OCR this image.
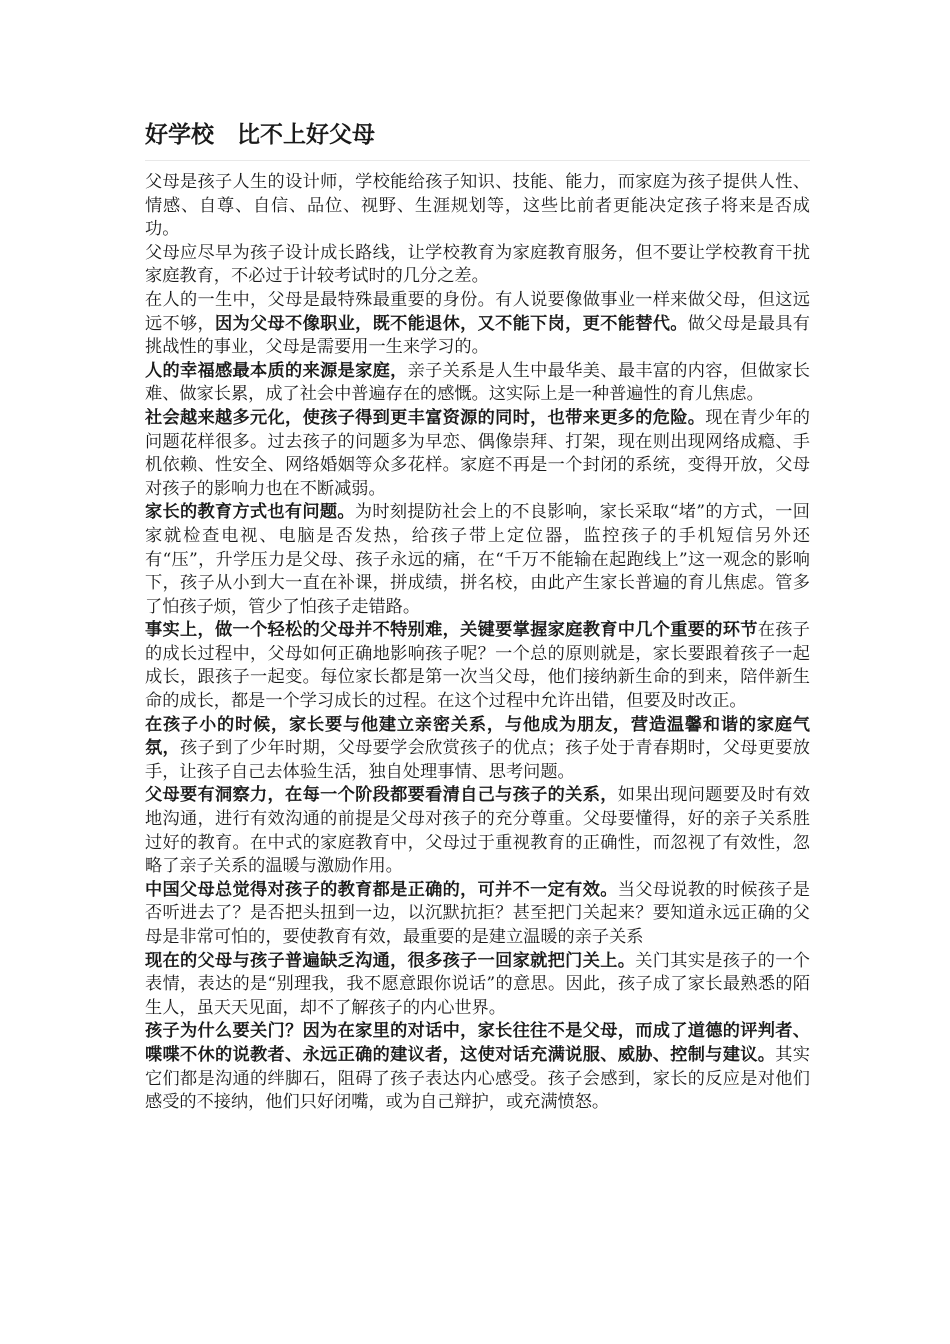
好学校　比不上好父母

父母是孩子人生的设计师，学校能给孩子知识、技能、能力，而家庭为孩子提供人性、情感、自尊、自信、品位、视野、生涯规划等，这些比前者更能决定孩子将来是否成功。

父母应尽早为孩子设计成长路线，让学校教育为家庭教育服务，但不要让学校教育干扰家庭教育，不必过于计较考试时的几分之差。

在人的一生中，父母是最特殊最重要的身份。有人说要像做事业一样来做父母，但这远远不够，因为父母不像职业，既不能退休，又不能下岗，更不能替代。做父母是最具有挑战性的事业，父母是需要用一生来学习的。

人的幸福感最本质的来源是家庭，亲子关系是人生中最华美、最丰富的内容，但做家长难、做家长累，成了社会中普遍存在的感慨。这实际上是一种普遍性的育儿焦虑。

社会越来越多元化，使孩子得到更丰富资源的同时，也带来更多的危险。现在青少年的问题花样很多。过去孩子的问题多为早恋、偶像崇拜、打架，现在则出现网络成瘾、手机依赖、性安全、网络婚姻等众多花样。家庭不再是一个封闭的系统，变得开放，父母对孩子的影响力也在不断减弱。

家长的教育方式也有问题。为时刻提防社会上的不良影响，家长采取“堵”的方式，一回家就检查电视、电脑是否发热，给孩子带上定位器，监控孩子的手机短信另外还有“压”，升学压力是父母、孩子永远的痛，在“千万不能输在起跑线上”这一观念的影响下，孩子从小到大一直在补课，拼成绩，拼名校，由此产生家长普遍的育儿焦虑。管多了怕孩子烦，管少了怕孩子走错路。

事实上，做一个轻松的父母并不特别难，关键要掌握家庭教育中几个重要的环节在孩子的成长过程中，父母如何正确地影响孩子呢？一个总的原则就是，家长要跟着孩子一起成长，跟孩子一起变。每位家长都是第一次当父母，他们接纳新生命的到来，陪伴新生命的成长，都是一个学习成长的过程。在这个过程中允许出错，但要及时改正。

在孩子小的时候，家长要与他建立亲密关系，与他成为朋友，营造温馨和谐的家庭气氛，孩子到了少年时期，父母要学会欣赏孩子的优点；孩子处于青春期时，父母更要放手，让孩子自己去体验生活，独自处理事情、思考问题。

父母要有洞察力，在每一个阶段都要看清自己与孩子的关系，如果出现问题要及时有效地沟通，进行有效沟通的前提是父母对孩子的充分尊重。父母要懂得，好的亲子关系胜过好的教育。在中式的家庭教育中，父母过于重视教育的正确性，而忽视了有效性，忽略了亲子关系的温暖与激励作用。

中国父母总觉得对孩子的教育都是正确的，可并不一定有效。当父母说教的时候孩子是否听进去了？是否把头扭到一边，以沉默抗拒？甚至把门关起来？要知道永远正确的父母是非常可怕的，要使教育有效，最重要的是建立温暖的亲子关系

现在的父母与孩子普遍缺乏沟通，很多孩子一回家就把门关上。关门其实是孩子的一个表情，表达的是“别理我，我不愿意跟你说话”的意思。因此，孩子成了家长最熟悉的陌生人，虽天天见面，却不了解孩子的内心世界。

孩子为什么要关门？因为在家里的对话中，家长往往不是父母，而成了道德的评判者、喋喋不休的说教者、永远正确的建议者，这使对话充满说服、威胁、控制与建议。其实它们都是沟通的绊脚石，阻碍了孩子表达内心感受。孩子会感到，家长的反应是对他们感受的不接纳，他们只好闭嘴，或为自己辩护，或充满愤怒。
